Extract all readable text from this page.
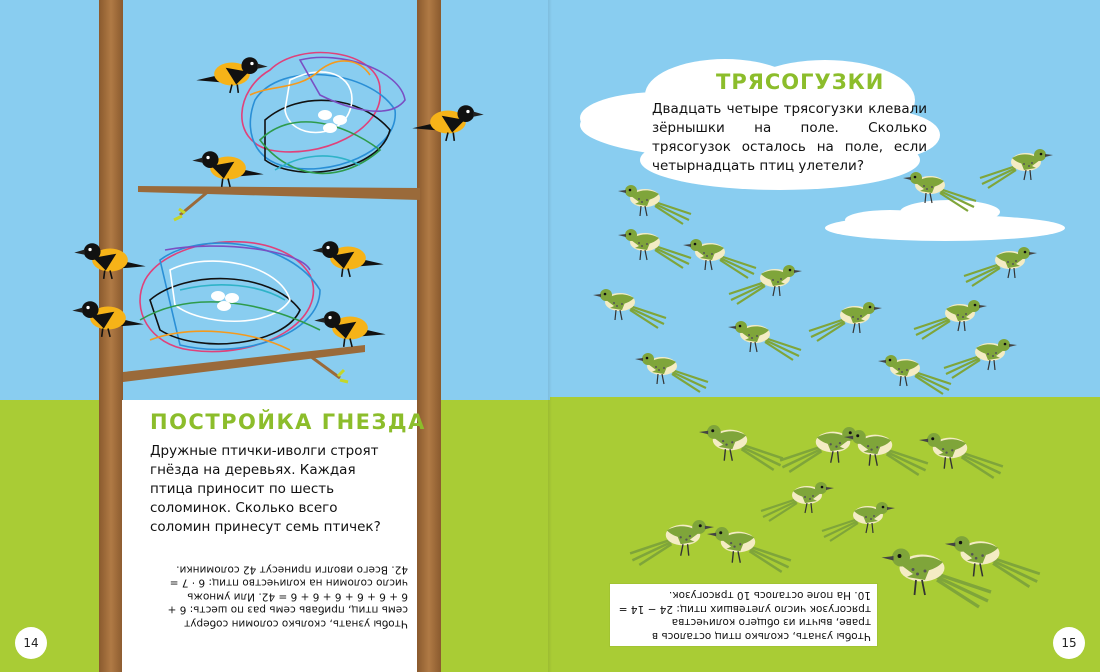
ПОСТРОЙКА ГНЕЗДА

Дружные птички-иволги строят гнёзда на деревьях. Каждая птица приносит по шесть соломинок. Сколько всего соломин принесут семь птичек?

Чтобы узнать, сколько соломин соберут семь птиц, прибавь семь раз по шесть: 6 + 6 + 6 + 6 + 6 + 6 + 6 = 42. Или умножь число соломин на количество птиц: 6 · 7 = 42. Всего иволги принесут 42 соломинки.
14
ТРЯСОГУЗКИ

Двадцать четыре трясогузки клевали зёрнышки на поле. Сколько трясогузок осталось на поле, если четырнадцать птиц улетели?

Чтобы узнать, сколько птиц осталось в траве, вычти из общего количества трясогузок число улетевших птиц: 24 − 14 = 10. На поле осталось 10 трясогузок.
15
